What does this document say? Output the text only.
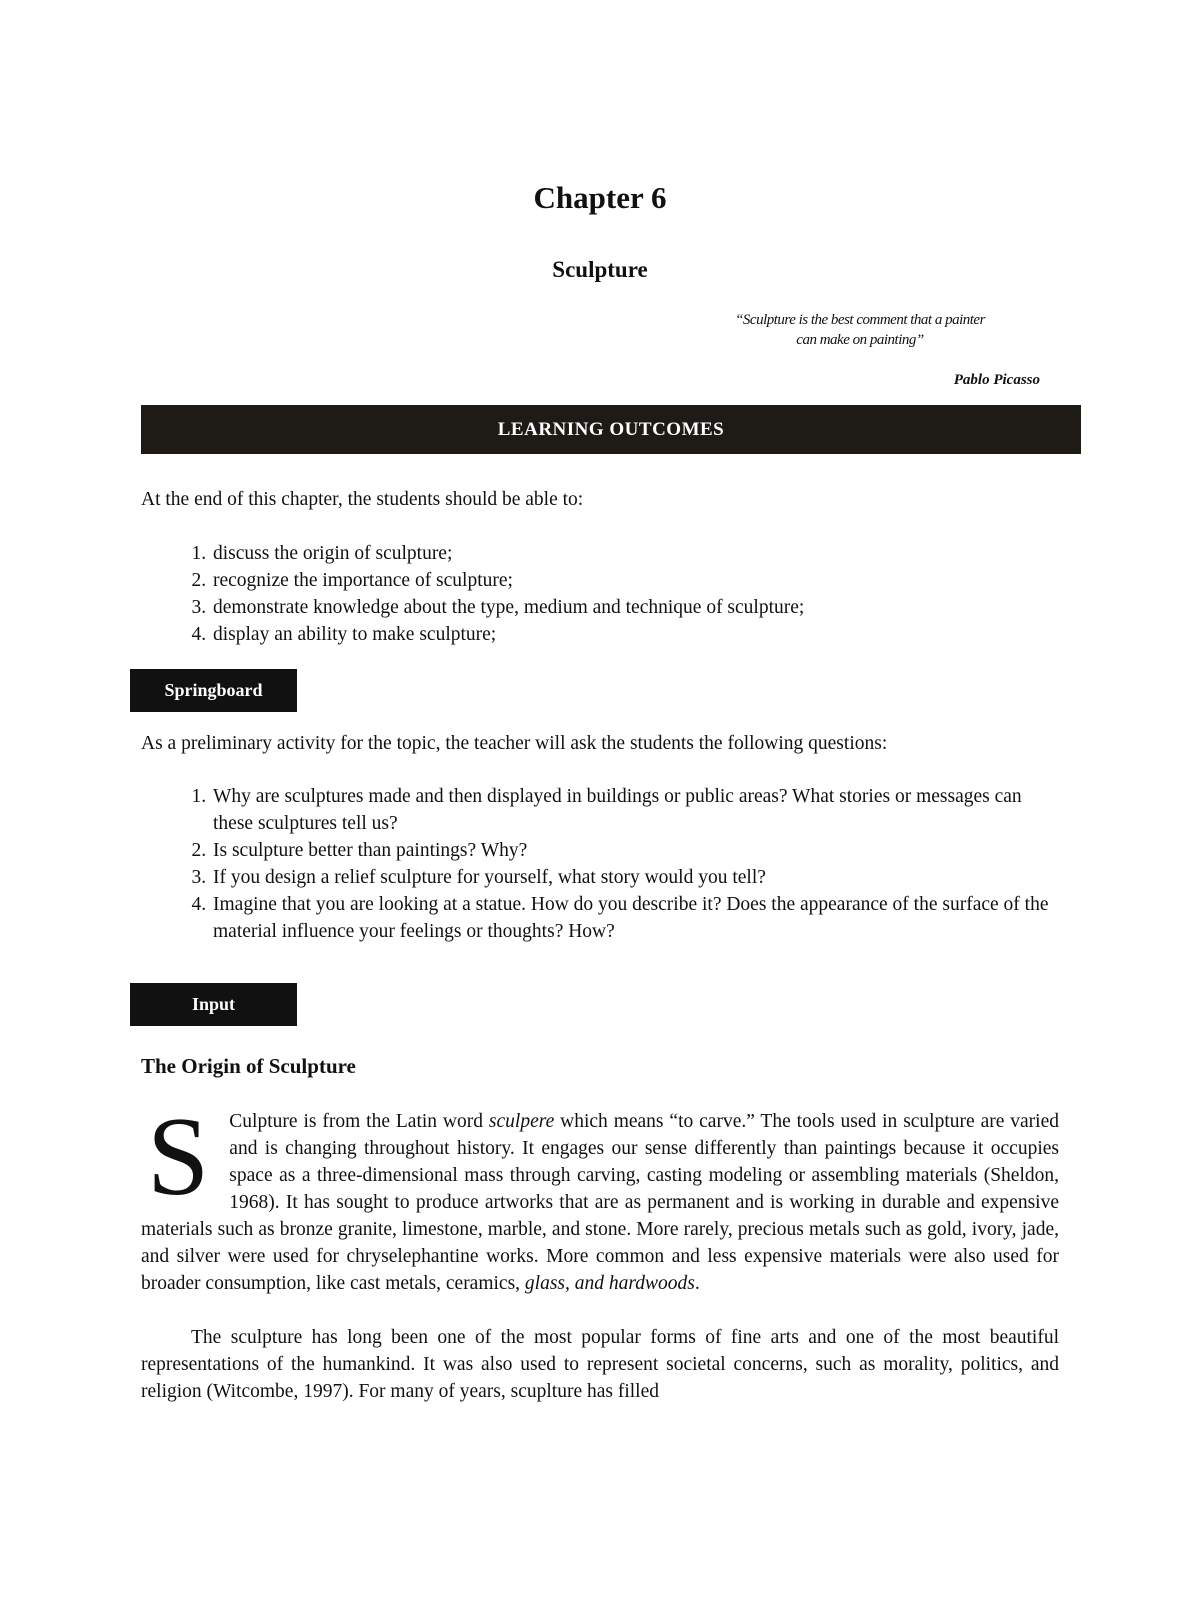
Chapter 6
Sculpture
“Sculpture is the best comment that a painter
can make on painting”
Pablo Picasso
LEARNING OUTCOMES
At the end of this chapter, the students should be able to:
1. discuss the origin of sculpture;
2. recognize the importance of sculpture;
3. demonstrate knowledge about the type, medium and technique of sculpture;
4. display an ability to make sculpture;
Springboard
As a preliminary activity for the topic, the teacher will ask the students the following questions:
1. Why are sculptures made and then displayed in buildings or public areas? What stories or messages can these sculptures tell us?
2. Is sculpture better than paintings? Why?
3. If you design a relief sculpture for yourself, what story would you tell?
4. Imagine that you are looking at a statue. How do you describe it? Does the appearance of the surface of the material influence your feelings or thoughts? How?
Input
The Origin of Sculpture

S	Culpture is from the Latin word sculpere which means “to carve.” The tools used in sculpture are varied and is changing throughout history. It engages our sense differently than paintings because it occupies space as a three-dimensional mass through carving, casting modeling or assembling materials (Sheldon, 1968). It has sought to produce artworks that are as permanent and is working in durable and expensive materials such as bronze granite, limestone, marble, and stone. More rarely, precious metals such as gold, ivory, jade, and silver were used for chryselephantine works. More common and less expensive materials were also used for broader consumption, like cast metals, ceramics, glass, and hardwoods.

The sculpture has long been one of the most popular forms of fine arts and one of the most beautiful representations of the humankind. It was also used to represent societal concerns, such as morality, politics, and religion (Witcombe, 1997). For many of years, scuplture has filled
